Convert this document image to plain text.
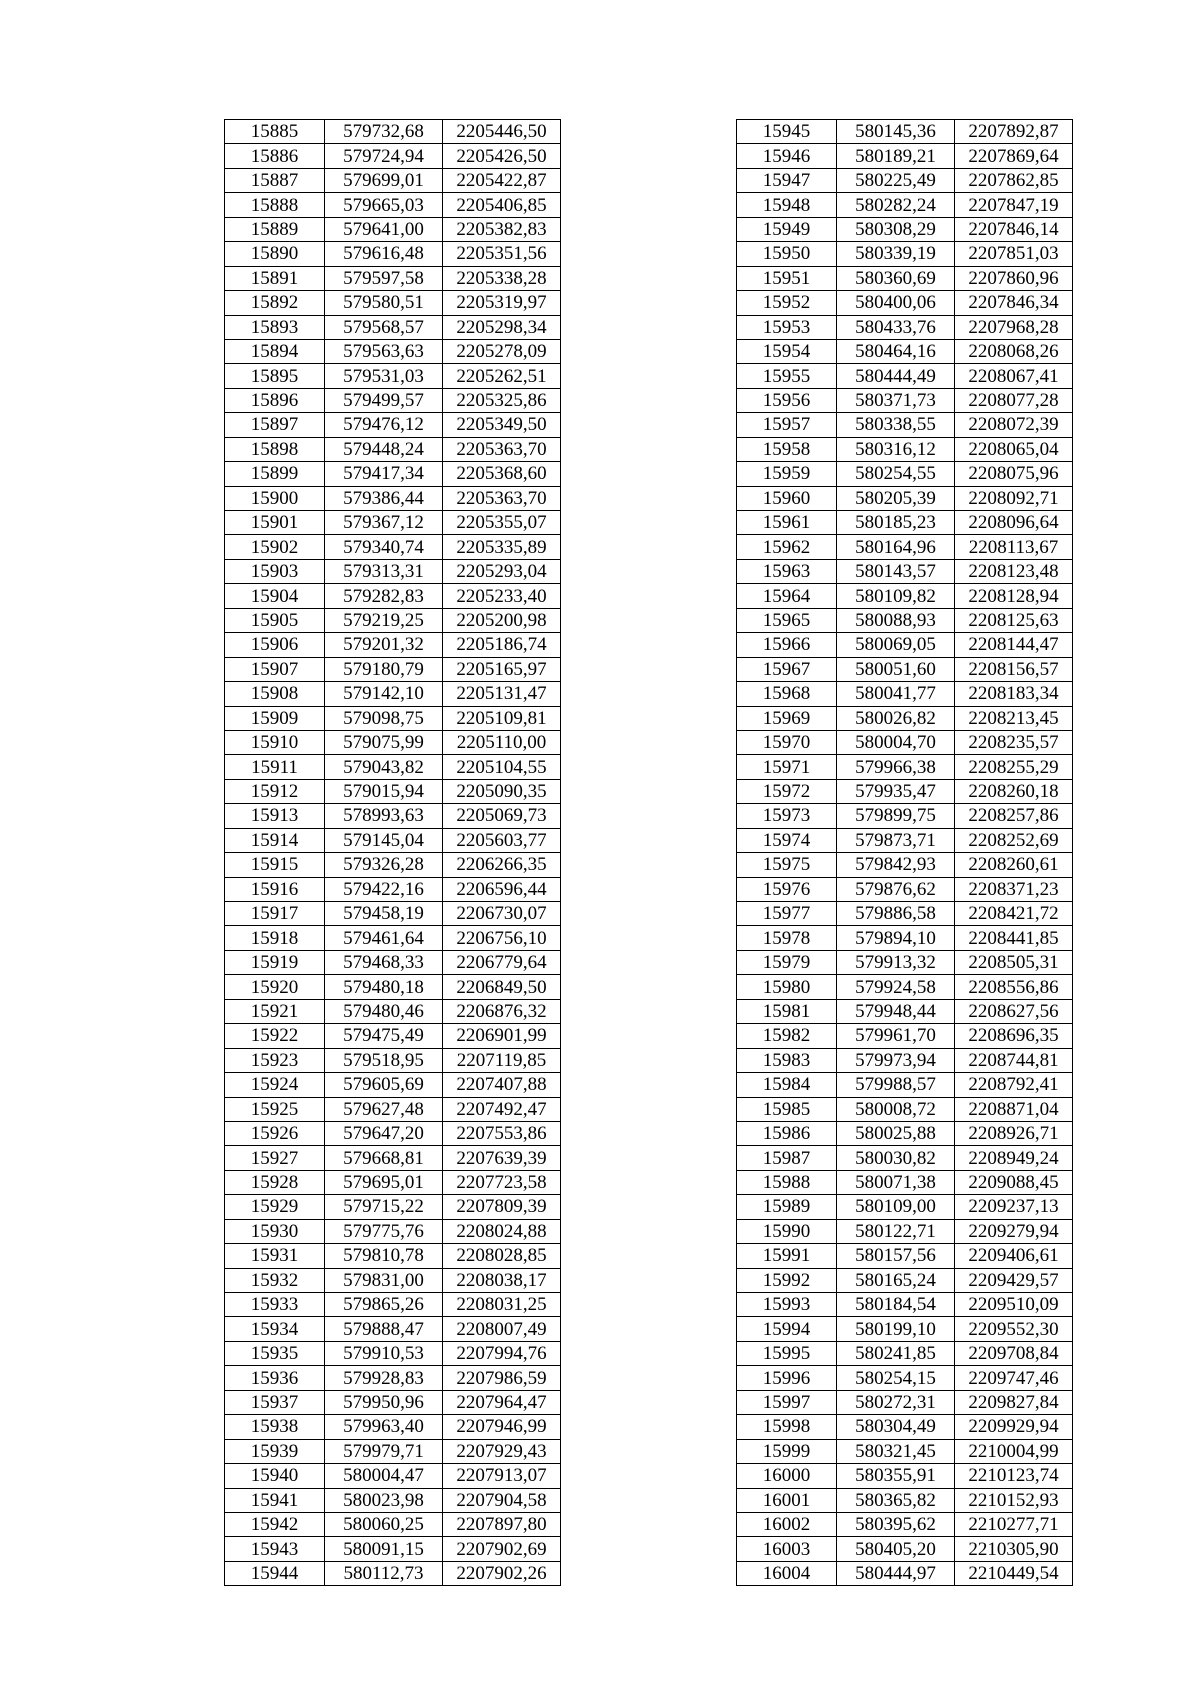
15885	579732,68	2205446,50
15886	579724,94	2205426,50
15887	579699,01	2205422,87
15888	579665,03	2205406,85
15889	579641,00	2205382,83
15890	579616,48	2205351,56
15891	579597,58	2205338,28
15892	579580,51	2205319,97
15893	579568,57	2205298,34
15894	579563,63	2205278,09
15895	579531,03	2205262,51
15896	579499,57	2205325,86
15897	579476,12	2205349,50
15898	579448,24	2205363,70
15899	579417,34	2205368,60
15900	579386,44	2205363,70
15901	579367,12	2205355,07
15902	579340,74	2205335,89
15903	579313,31	2205293,04
15904	579282,83	2205233,40
15905	579219,25	2205200,98
15906	579201,32	2205186,74
15907	579180,79	2205165,97
15908	579142,10	2205131,47
15909	579098,75	2205109,81
15910	579075,99	2205110,00
15911	579043,82	2205104,55
15912	579015,94	2205090,35
15913	578993,63	2205069,73
15914	579145,04	2205603,77
15915	579326,28	2206266,35
15916	579422,16	2206596,44
15917	579458,19	2206730,07
15918	579461,64	2206756,10
15919	579468,33	2206779,64
15920	579480,18	2206849,50
15921	579480,46	2206876,32
15922	579475,49	2206901,99
15923	579518,95	2207119,85
15924	579605,69	2207407,88
15925	579627,48	2207492,47
15926	579647,20	2207553,86
15927	579668,81	2207639,39
15928	579695,01	2207723,58
15929	579715,22	2207809,39
15930	579775,76	2208024,88
15931	579810,78	2208028,85
15932	579831,00	2208038,17
15933	579865,26	2208031,25
15934	579888,47	2208007,49
15935	579910,53	2207994,76
15936	579928,83	2207986,59
15937	579950,96	2207964,47
15938	579963,40	2207946,99
15939	579979,71	2207929,43
15940	580004,47	2207913,07
15941	580023,98	2207904,58
15942	580060,25	2207897,80
15943	580091,15	2207902,69
15944	580112,73	2207902,26
15945	580145,36	2207892,87
15946	580189,21	2207869,64
15947	580225,49	2207862,85
15948	580282,24	2207847,19
15949	580308,29	2207846,14
15950	580339,19	2207851,03
15951	580360,69	2207860,96
15952	580400,06	2207846,34
15953	580433,76	2207968,28
15954	580464,16	2208068,26
15955	580444,49	2208067,41
15956	580371,73	2208077,28
15957	580338,55	2208072,39
15958	580316,12	2208065,04
15959	580254,55	2208075,96
15960	580205,39	2208092,71
15961	580185,23	2208096,64
15962	580164,96	2208113,67
15963	580143,57	2208123,48
15964	580109,82	2208128,94
15965	580088,93	2208125,63
15966	580069,05	2208144,47
15967	580051,60	2208156,57
15968	580041,77	2208183,34
15969	580026,82	2208213,45
15970	580004,70	2208235,57
15971	579966,38	2208255,29
15972	579935,47	2208260,18
15973	579899,75	2208257,86
15974	579873,71	2208252,69
15975	579842,93	2208260,61
15976	579876,62	2208371,23
15977	579886,58	2208421,72
15978	579894,10	2208441,85
15979	579913,32	2208505,31
15980	579924,58	2208556,86
15981	579948,44	2208627,56
15982	579961,70	2208696,35
15983	579973,94	2208744,81
15984	579988,57	2208792,41
15985	580008,72	2208871,04
15986	580025,88	2208926,71
15987	580030,82	2208949,24
15988	580071,38	2209088,45
15989	580109,00	2209237,13
15990	580122,71	2209279,94
15991	580157,56	2209406,61
15992	580165,24	2209429,57
15993	580184,54	2209510,09
15994	580199,10	2209552,30
15995	580241,85	2209708,84
15996	580254,15	2209747,46
15997	580272,31	2209827,84
15998	580304,49	2209929,94
15999	580321,45	2210004,99
16000	580355,91	2210123,74
16001	580365,82	2210152,93
16002	580395,62	2210277,71
16003	580405,20	2210305,90
16004	580444,97	2210449,54
